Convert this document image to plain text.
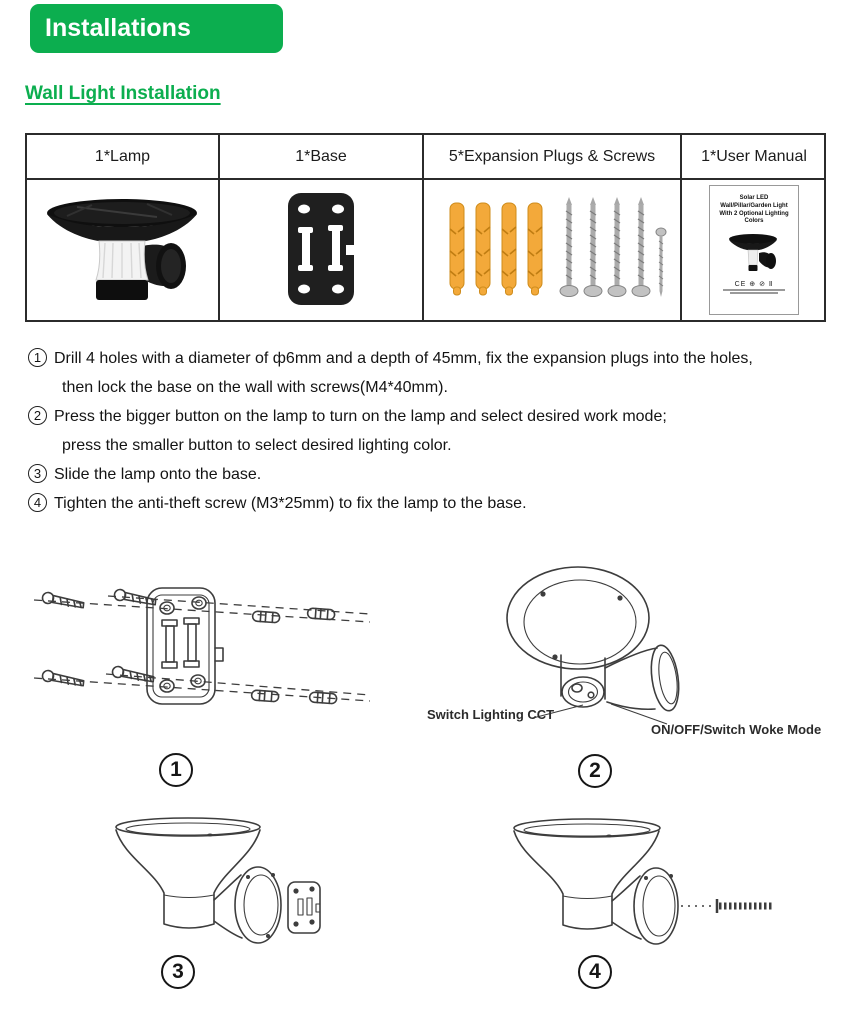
Installations
Wall Light Installation
1*Lamp	1*Base	5*Expansion Plugs & Screws	1*User Manual
Solar LED Wall/Pillar/Garden Light
With 2 Optional Lighting Colors
CE ⊕ ⊘ Ⅱ
1 Drill 4 holes with a diameter of ф6mm and a depth of 45mm, fix the expansion plugs into the holes,
then lock the base on the wall with screws(M4*40mm).
2 Press the bigger button on the lamp to turn on the lamp and select desired work mode;
press the smaller button to select desired lighting color.
3 Slide the lamp onto the base.
4 Tighten the anti-theft screw (M3*25mm) to fix the lamp to the base.
Switch Lighting CCT
ON/OFF/Switch Woke Mode
1	2
3	4
